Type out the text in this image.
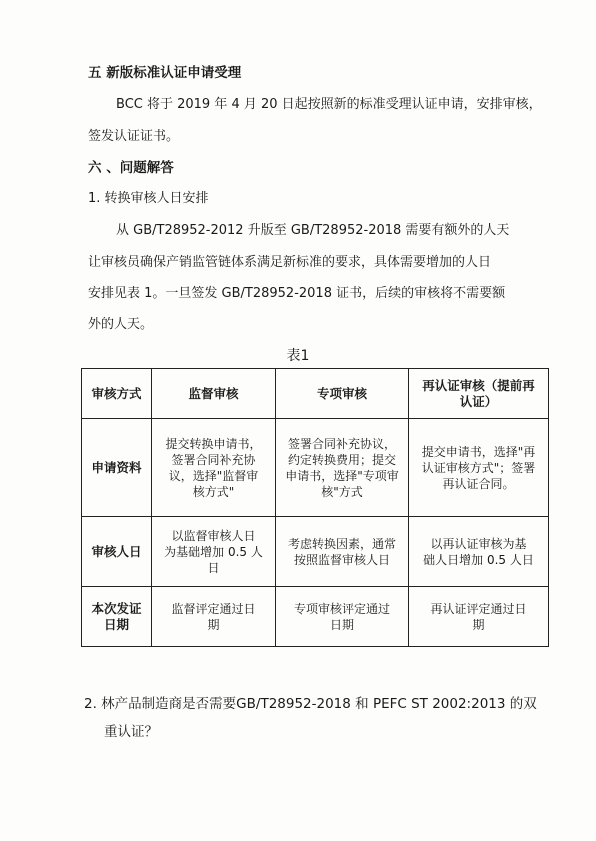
五 新版标准认证申请受理
BCC 将于 2019 年 4 月 20 日起按照新的标准受理认证申请，安排审核，
签发认证证书。
六 、问题解答
1. 转换审核人日安排
从 GB/T28952-2012 升版至 GB/T28952-2018 需要有额外的人天
让审核员确保产销监管链体系满足新标准的要求，具体需要增加的人日
安排见表 1。一旦签发 GB/T28952-2018 证书，后续的审核将不需要额
外的人天。
表1
审核方式	监督审核	专项审核	再认证审核（提前再
认证）
申请资料	提交转换申请书，
签署合同补充协
议，选择"监督审
核方式"	签署合同补充协议，
约定转换费用；提交
申请书，选择"专项审
核"方式	提交申请书，选择"再
认证审核方式"；签署
再认证合同。
审核人日	以监督审核人日
为基础增加 0.5 人
日	考虑转换因素，通常
按照监督审核人日	以再认证审核为基
础人日增加 0.5 人日
本次发证
日期	监督评定通过日
期	专项审核评定通过
日期	再认证评定通过日
期
2. 林产品制造商是否需要GB/T28952-2018 和 PEFC ST 2002:2013 的双
重认证？
